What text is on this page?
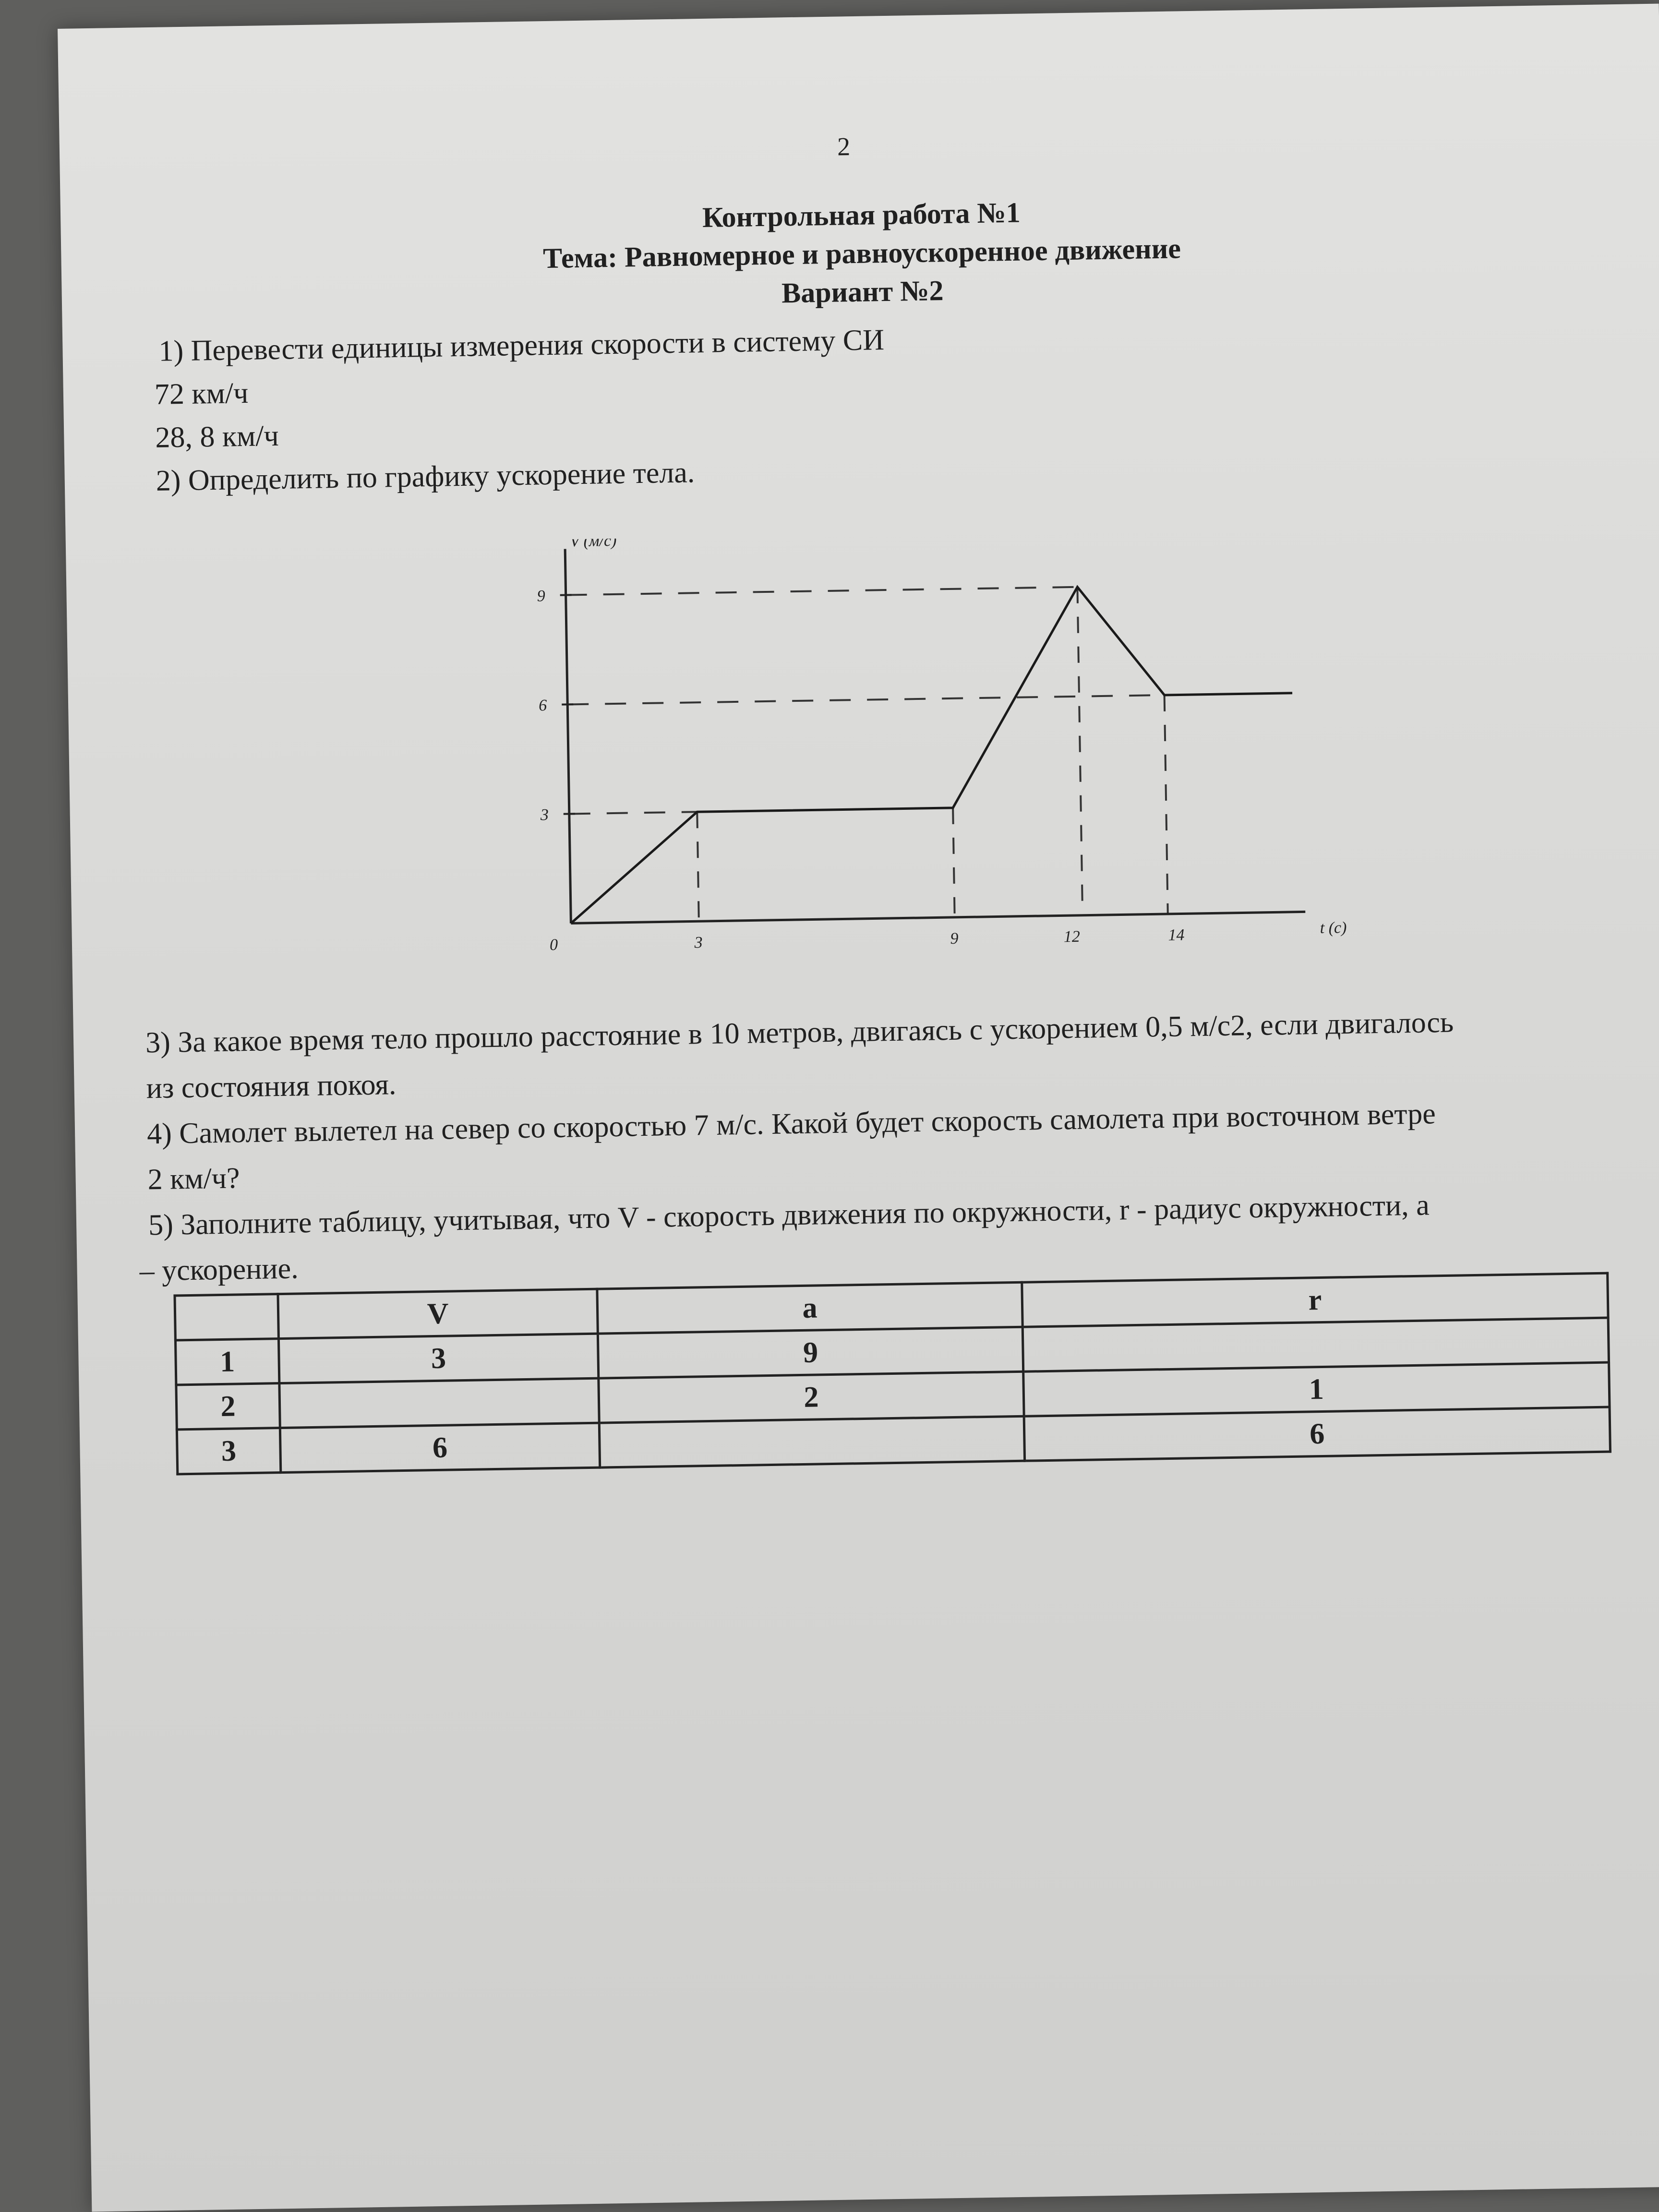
2
Контрольная работа №1
Тема: Равномерное и равноускоренное движение
Вариант №2
1) Перевести единицы измерения скорости в систему СИ
72 км/ч
28, 8 км/ч
2) Определить по графику ускорение тела.
V (м/с)
t (с)
0
3
6
9
3	9	12	14
3) За какое время тело прошло расстояние в 10 метров, двигаясь с ускорением 0,5 м/с2, если двигалось
из состояния покоя.
4) Самолет вылетел на север со скоростью 7 м/с. Какой будет скорость самолета при восточном ветре
2 км/ч?
5) Заполните таблицу, учитывая, что V - скорость движения по окружности, r - радиус окружности, a
– ускорение.
	V	a	r
1	3	9	
2		2	1
3	6		6
